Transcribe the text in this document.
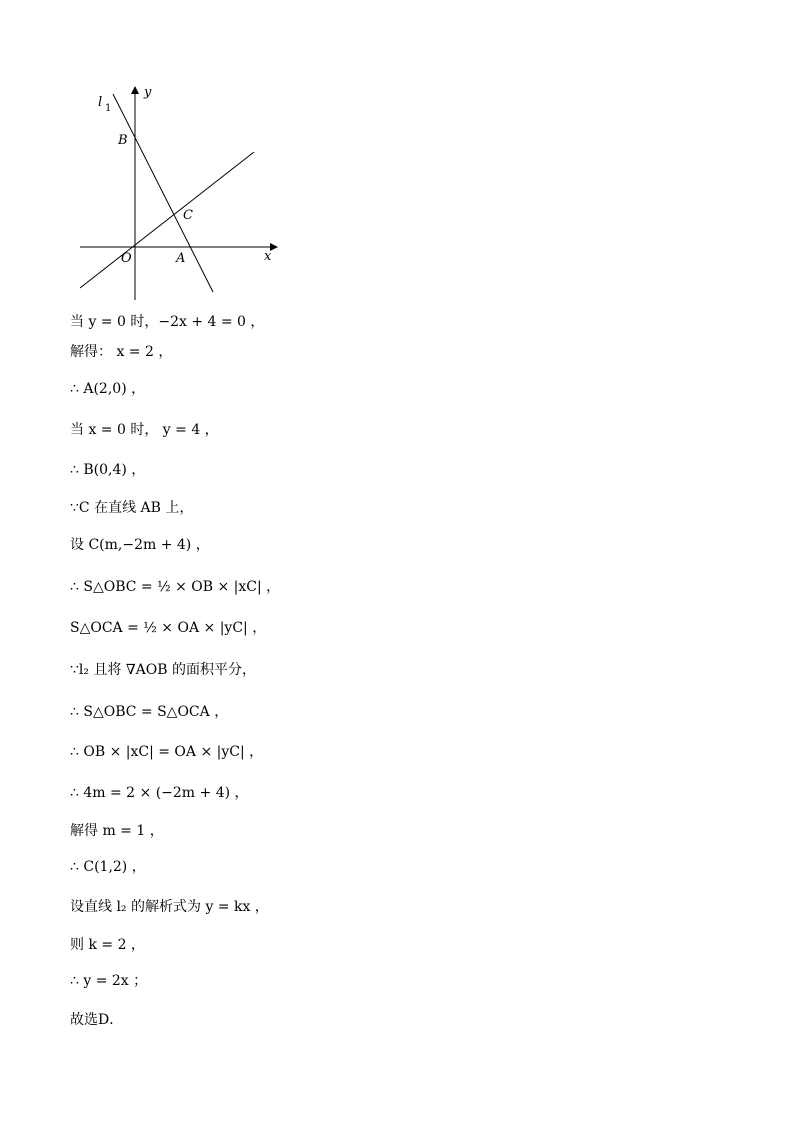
l 1
y
x
B
C
O	A
当 y = 0 时，−2x + 4 = 0 ，
解得： x = 2 ，
∴ A(2,0) ，
当 x = 0 时， y = 4 ，
∴ B(0,4) ，
∵C 在直线 AB 上，
设 C(m,−2m + 4) ，
∴ S△OBC = ½ × OB × |xC| ，
S△OCA = ½ × OA × |yC| ，
∵l₂ 且将 ∇AOB 的面积平分，
∴ S△OBC = S△OCA ，
∴ OB × |xC| = OA × |yC| ，
∴ 4m = 2 × (−2m + 4) ，
解得 m = 1 ，
∴ C(1,2) ，
设直线 l₂ 的解析式为 y = kx ，
则 k = 2 ，
∴ y = 2x ；
故选D．
